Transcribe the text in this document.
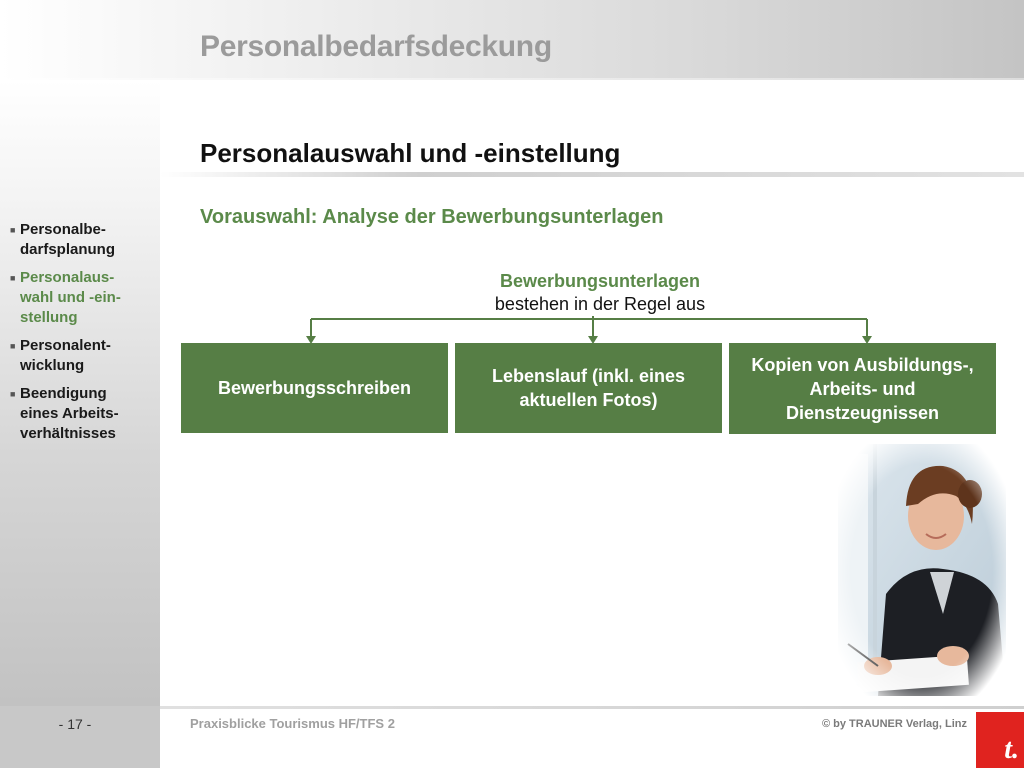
Personalbedarfsdeckung
■ Personalbe-
darfsplanung
■ Personalaus-
wahl und -ein-
stellung
■ Personalent-
wicklung
■ Beendigung
eines Arbeits-
verhältnisses
Personalauswahl und -einstellung
Vorauswahl: Analyse der Bewerbungsunterlagen
Bewerbungsunterlagen
bestehen in der Regel aus
Bewerbungsschreiben
Lebenslauf (inkl. eines
aktuellen Fotos)
Kopien von Ausbildungs-,
Arbeits- und
Dienstzeugnissen
- 17 -	Praxisblicke Tourismus HF/TFS 2	© by TRAUNER Verlag, Linz
t.
